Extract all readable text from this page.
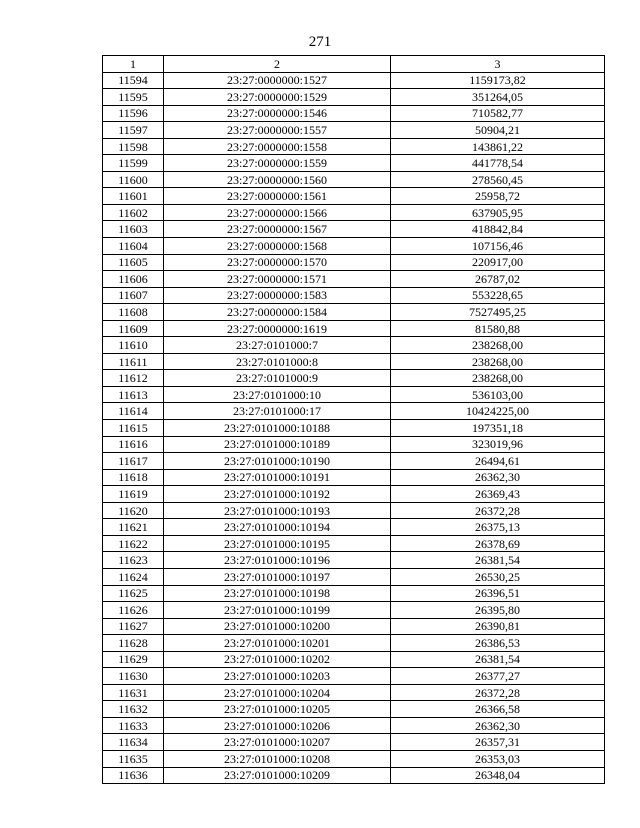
271
1	2	3
11594	23:27:0000000:1527	1159173,82
11595	23:27:0000000:1529	351264,05
11596	23:27:0000000:1546	710582,77
11597	23:27:0000000:1557	50904,21
11598	23:27:0000000:1558	143861,22
11599	23:27:0000000:1559	441778,54
11600	23:27:0000000:1560	278560,45
11601	23:27:0000000:1561	25958,72
11602	23:27:0000000:1566	637905,95
11603	23:27:0000000:1567	418842,84
11604	23:27:0000000:1568	107156,46
11605	23:27:0000000:1570	220917,00
11606	23:27:0000000:1571	26787,02
11607	23:27:0000000:1583	553228,65
11608	23:27:0000000:1584	7527495,25
11609	23:27:0000000:1619	81580,88
11610	23:27:0101000:7	238268,00
11611	23:27:0101000:8	238268,00
11612	23:27:0101000:9	238268,00
11613	23:27:0101000:10	536103,00
11614	23:27:0101000:17	10424225,00
11615	23:27:0101000:10188	197351,18
11616	23:27:0101000:10189	323019,96
11617	23:27:0101000:10190	26494,61
11618	23:27:0101000:10191	26362,30
11619	23:27:0101000:10192	26369,43
11620	23:27:0101000:10193	26372,28
11621	23:27:0101000:10194	26375,13
11622	23:27:0101000:10195	26378,69
11623	23:27:0101000:10196	26381,54
11624	23:27:0101000:10197	26530,25
11625	23:27:0101000:10198	26396,51
11626	23:27:0101000:10199	26395,80
11627	23:27:0101000:10200	26390,81
11628	23:27:0101000:10201	26386,53
11629	23:27:0101000:10202	26381,54
11630	23:27:0101000:10203	26377,27
11631	23:27:0101000:10204	26372,28
11632	23:27:0101000:10205	26366,58
11633	23:27:0101000:10206	26362,30
11634	23:27:0101000:10207	26357,31
11635	23:27:0101000:10208	26353,03
11636	23:27:0101000:10209	26348,04
